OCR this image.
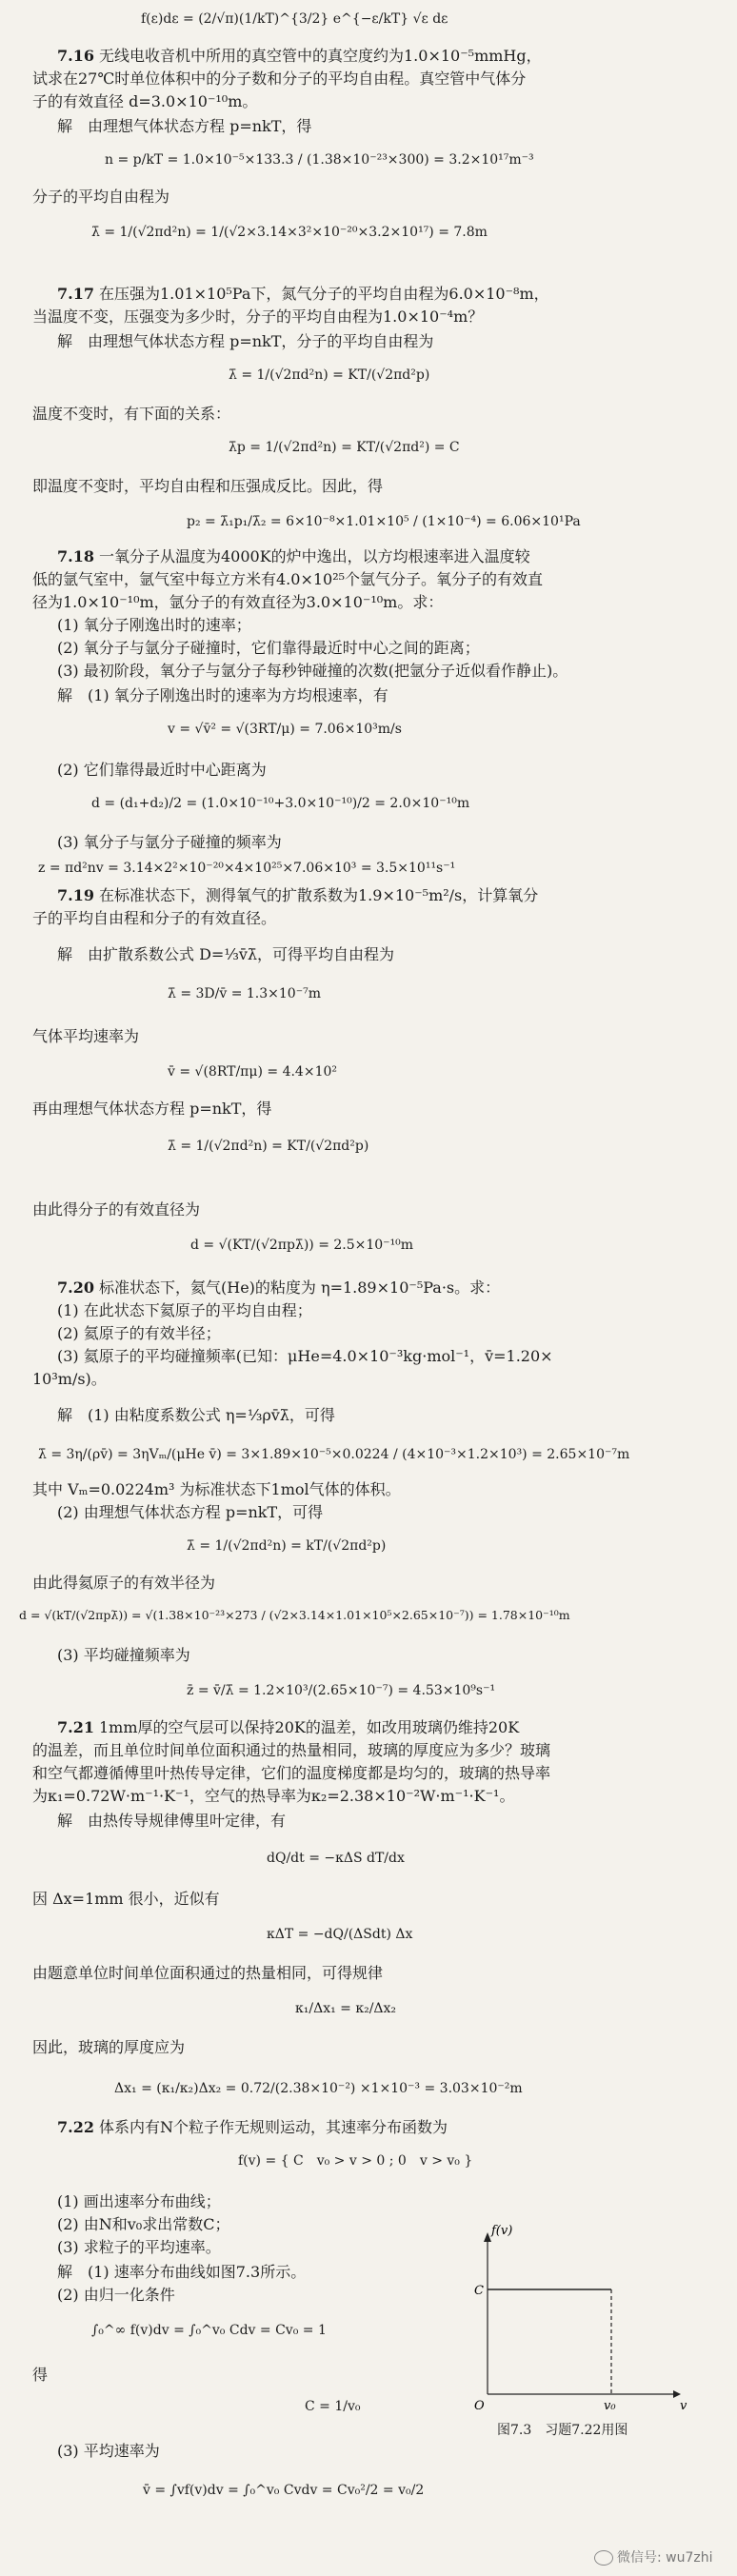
f(ε)dε = (2/√π)(1/kT)^{3/2} e^{−ε/kT} √ε dε
7.16 无线电收音机中所用的真空管中的真空度约为1.0×10⁻⁵mmHg，
试求在27℃时单位体积中的分子数和分子的平均自由程。真空管中气体分
子的有效直径 d=3.0×10⁻¹⁰m。
解　由理想气体状态方程 p=nkT，得
n = p/kT = 1.0×10⁻⁵×133.3 / (1.38×10⁻²³×300) = 3.2×10¹⁷m⁻³
分子的平均自由程为
λ̄ = 1/(√2πd²n) = 1/(√2×3.14×3²×10⁻²⁰×3.2×10¹⁷) = 7.8m
7.17 在压强为1.01×10⁵Pa下，氮气分子的平均自由程为6.0×10⁻⁸m，
当温度不变，压强变为多少时，分子的平均自由程为1.0×10⁻⁴m？
解　由理想气体状态方程 p=nkT，分子的平均自由程为
λ̄ = 1/(√2πd²n) = KT/(√2πd²p)
温度不变时，有下面的关系：
λ̄p = 1/(√2πd²n) = KT/(√2πd²) = C
即温度不变时，平均自由程和压强成反比。因此，得
p₂ = λ̄₁p₁/λ̄₂ = 6×10⁻⁸×1.01×10⁵ / (1×10⁻⁴) = 6.06×10¹Pa
7.18 一氧分子从温度为4000K的炉中逸出，以方均根速率进入温度较
低的氩气室中，氩气室中每立方米有4.0×10²⁵个氩气分子。氧分子的有效直
径为1.0×10⁻¹⁰m，氩分子的有效直径为3.0×10⁻¹⁰m。求：
(1) 氧分子刚逸出时的速率；
(2) 氧分子与氩分子碰撞时，它们靠得最近时中心之间的距离；
(3) 最初阶段，氧分子与氩分子每秒钟碰撞的次数(把氩分子近似看作静止)。
解　(1) 氧分子刚逸出时的速率为方均根速率，有
v = √v̄² = √(3RT/μ) = 7.06×10³m/s
(2) 它们靠得最近时中心距离为
d = (d₁+d₂)/2 = (1.0×10⁻¹⁰+3.0×10⁻¹⁰)/2 = 2.0×10⁻¹⁰m
(3) 氧分子与氩分子碰撞的频率为
z = πd²nv = 3.14×2²×10⁻²⁰×4×10²⁵×7.06×10³ = 3.5×10¹¹s⁻¹
7.19 在标准状态下，测得氧气的扩散系数为1.9×10⁻⁵m²/s，计算氧分
子的平均自由程和分子的有效直径。
解　由扩散系数公式 D=⅓v̄λ̄，可得平均自由程为
λ̄ = 3D/v̄ = 1.3×10⁻⁷m
气体平均速率为
v̄ = √(8RT/πμ) = 4.4×10²
再由理想气体状态方程 p=nkT，得
λ̄ = 1/(√2πd²n) = KT/(√2πd²p)
由此得分子的有效直径为
d = √(KT/(√2πpλ̄)) = 2.5×10⁻¹⁰m
7.20 标准状态下，氦气(He)的粘度为 η=1.89×10⁻⁵Pa·s。求：
(1) 在此状态下氦原子的平均自由程；
(2) 氦原子的有效半径；
(3) 氦原子的平均碰撞频率(已知：μHe=4.0×10⁻³kg·mol⁻¹，v̄=1.20×
10³m/s)。
解　(1) 由粘度系数公式 η=⅓ρv̄λ̄，可得
λ̄ = 3η/(ρv̄) = 3ηVₘ/(μHe v̄) = 3×1.89×10⁻⁵×0.0224 / (4×10⁻³×1.2×10³) = 2.65×10⁻⁷m
其中 Vₘ=0.0224m³ 为标准状态下1mol气体的体积。
(2) 由理想气体状态方程 p=nkT，可得
λ̄ = 1/(√2πd²n) = kT/(√2πd²p)
由此得氦原子的有效半径为
d = √(kT/(√2πpλ̄)) = √(1.38×10⁻²³×273 / (√2×3.14×1.01×10⁵×2.65×10⁻⁷)) = 1.78×10⁻¹⁰m
(3) 平均碰撞频率为
z̄ = v̄/λ̄ = 1.2×10³/(2.65×10⁻⁷) = 4.53×10⁹s⁻¹
7.21 1mm厚的空气层可以保持20K的温差，如改用玻璃仍维持20K
的温差，而且单位时间单位面积通过的热量相同，玻璃的厚度应为多少？玻璃
和空气都遵循傅里叶热传导定律，它们的温度梯度都是均匀的，玻璃的热导率
为κ₁=0.72W·m⁻¹·K⁻¹，空气的热导率为κ₂=2.38×10⁻²W·m⁻¹·K⁻¹。
解　由热传导规律傅里叶定律，有
dQ/dt = −κΔS dT/dx
因 Δx=1mm 很小，近似有
κΔT = −dQ/(ΔSdt) Δx
由题意单位时间单位面积通过的热量相同，可得规律
κ₁/Δx₁ = κ₂/Δx₂
因此，玻璃的厚度应为
Δx₁ = (κ₁/κ₂)Δx₂ = 0.72/(2.38×10⁻²) ×1×10⁻³ = 3.03×10⁻²m
7.22 体系内有N个粒子作无规则运动，其速率分布函数为
f(v) = { C　v₀ > v > 0 ; 0　v > v₀ }
(1) 画出速率分布曲线；
(2) 由N和v₀求出常数C；
(3) 求粒子的平均速率。
解　(1) 速率分布曲线如图7.3所示。
(2) 由归一化条件
∫₀^∞ f(v)dv = ∫₀^v₀ Cdv = Cv₀ = 1
得
C = 1/v₀
(3) 平均速率为
v̄ = ∫vf(v)dv = ∫₀^v₀ Cvdv = Cv₀²/2 = v₀/2
f(v)
C
O	v₀	v
图7.3　习题7.22用图
微信号: wu7zhi
